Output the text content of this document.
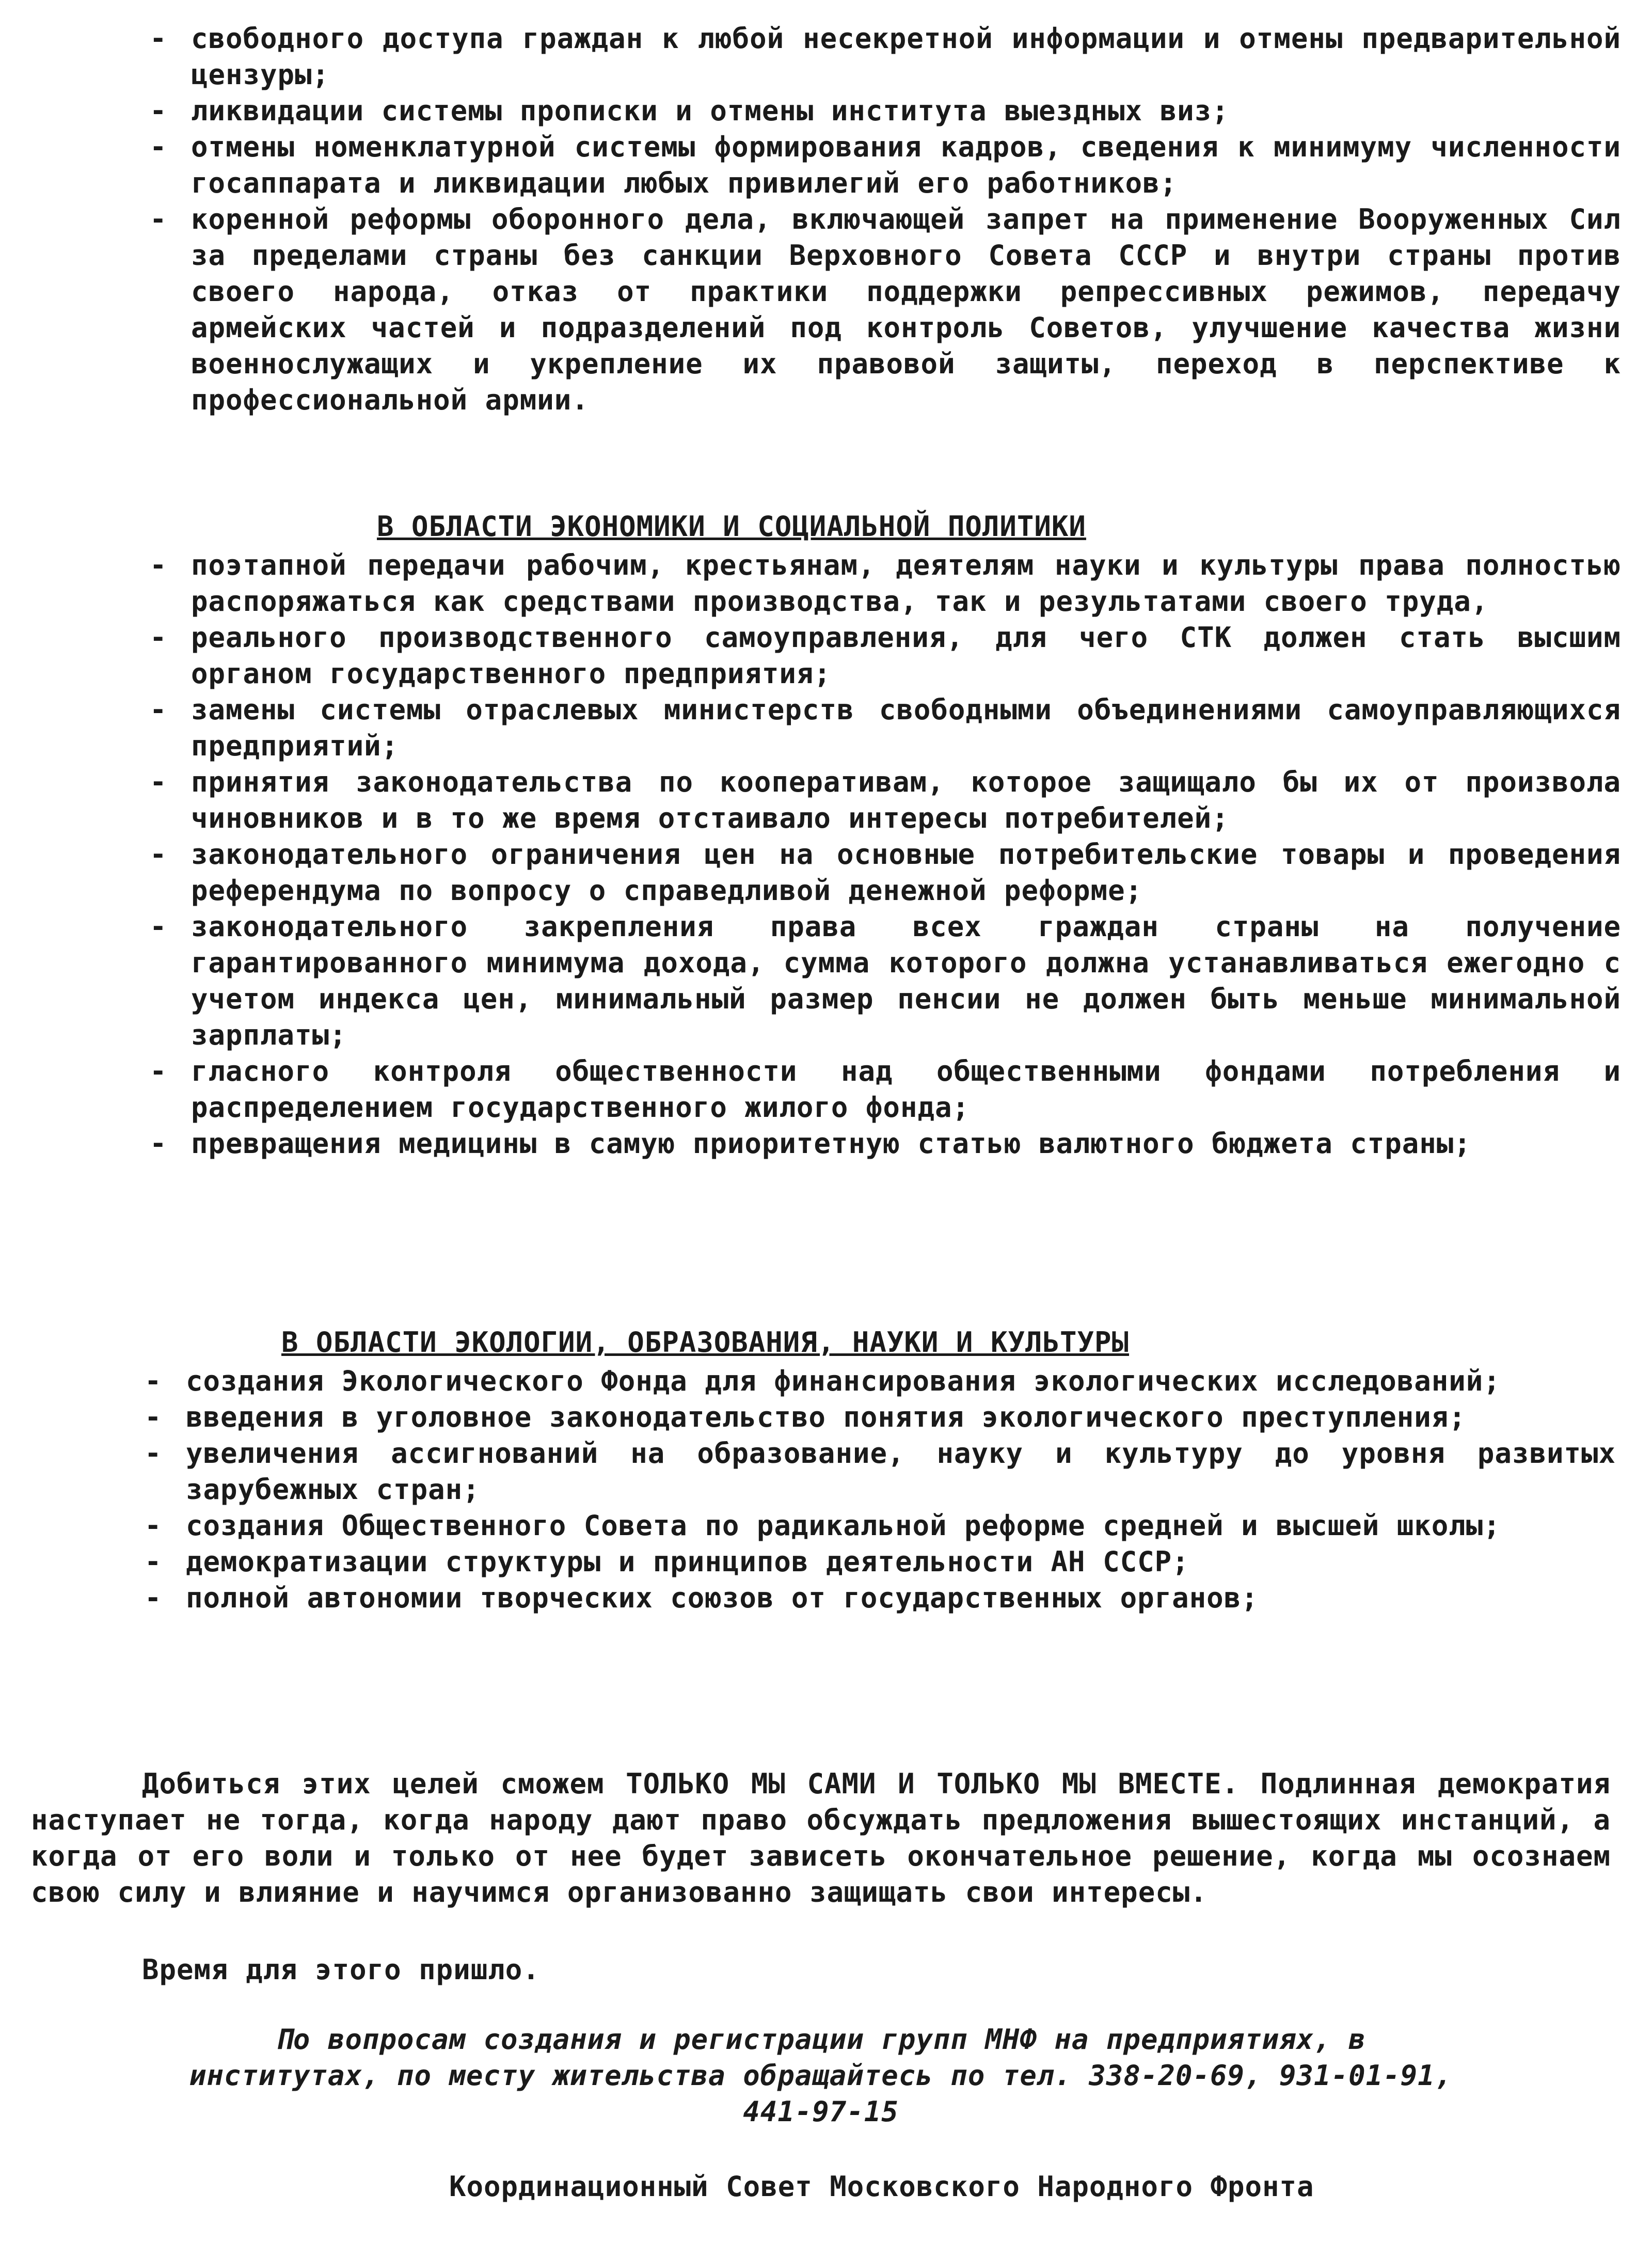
- свободного доступа граждан к любой несекретной информации и отмены предварительной цензуры;
- ликвидации системы прописки и отмены института выездных виз;
- отмены номенклатурной системы формирования кадров, сведения к минимуму численности госаппарата и ликвидации любых привилегий его работников;
- коренной реформы оборонного дела, включающей запрет на применение Вооруженных Сил за пределами страны без санкции Верховного Совета СССР и внутри страны против своего народа, отказ от практики поддержки репрессивных режимов, передачу армейских частей и подразделений под контроль Советов, улучшение качества жизни военнослужащих и укрепление их правовой защиты, переход в перспективе к профессиональной армии.
В ОБЛАСТИ ЭКОНОМИКИ И СОЦИАЛЬНОЙ ПОЛИТИКИ
- поэтапной передачи рабочим, крестьянам, деятелям науки и культуры права полностью распоряжаться как средствами производства, так и результатами своего труда,
- реального производственного самоуправления, для чего СТК должен стать высшим органом государственного предприятия;
- замены системы отраслевых министерств свободными объединениями самоуправляющихся предприятий;
- принятия законодательства по кооперативам, которое защищало бы их от произвола чиновников и в то же время отстаивало интересы потребителей;
- законодательного ограничения цен на основные потребительские товары и проведения референдума по вопросу о справедливой денежной реформе;
- законодательного закрепления права всех граждан страны на получение гарантированного минимума дохода, сумма которого должна устанавливаться ежегодно с учетом индекса цен, минимальный размер пенсии не должен быть меньше минимальной зарплаты;
- гласного контроля общественности над общественными фондами потребления и распределением государственного жилого фонда;
- превращения медицины в самую приоритетную статью валютного бюджета страны;
В ОБЛАСТИ ЭКОЛОГИИ, ОБРАЗОВАНИЯ, НАУКИ И КУЛЬТУРЫ
- создания Экологического Фонда для финансирования экологических исследований;
- введения в уголовное законодательство понятия экологического преступления;
- увеличения ассигнований на образование, науку и культуру до уровня развитых зарубежных стран;
- создания Общественного Совета по радикальной реформе средней и высшей школы;
- демократизации структуры и принципов деятельности АН СССР;
- полной автономии творческих союзов от государственных органов;
Добиться этих целей сможем ТОЛЬКО МЫ САМИ И ТОЛЬКО МЫ ВМЕСТЕ. Подлинная демократия наступает не тогда, когда народу дают право обсуждать предложения вышестоящих инстанций, а когда от его воли и только от нее будет зависеть окончательное решение, когда мы осознаем свою силу и влияние и научимся организованно защищать свои интересы.
Время для этого пришло.
По вопросам создания и регистрации групп МНФ на предприятиях, в институтах, по месту жительства обращайтесь по тел. 338-20-69, 931-01-91, 441-97-15
Координационный Совет Московского Народного Фронта
